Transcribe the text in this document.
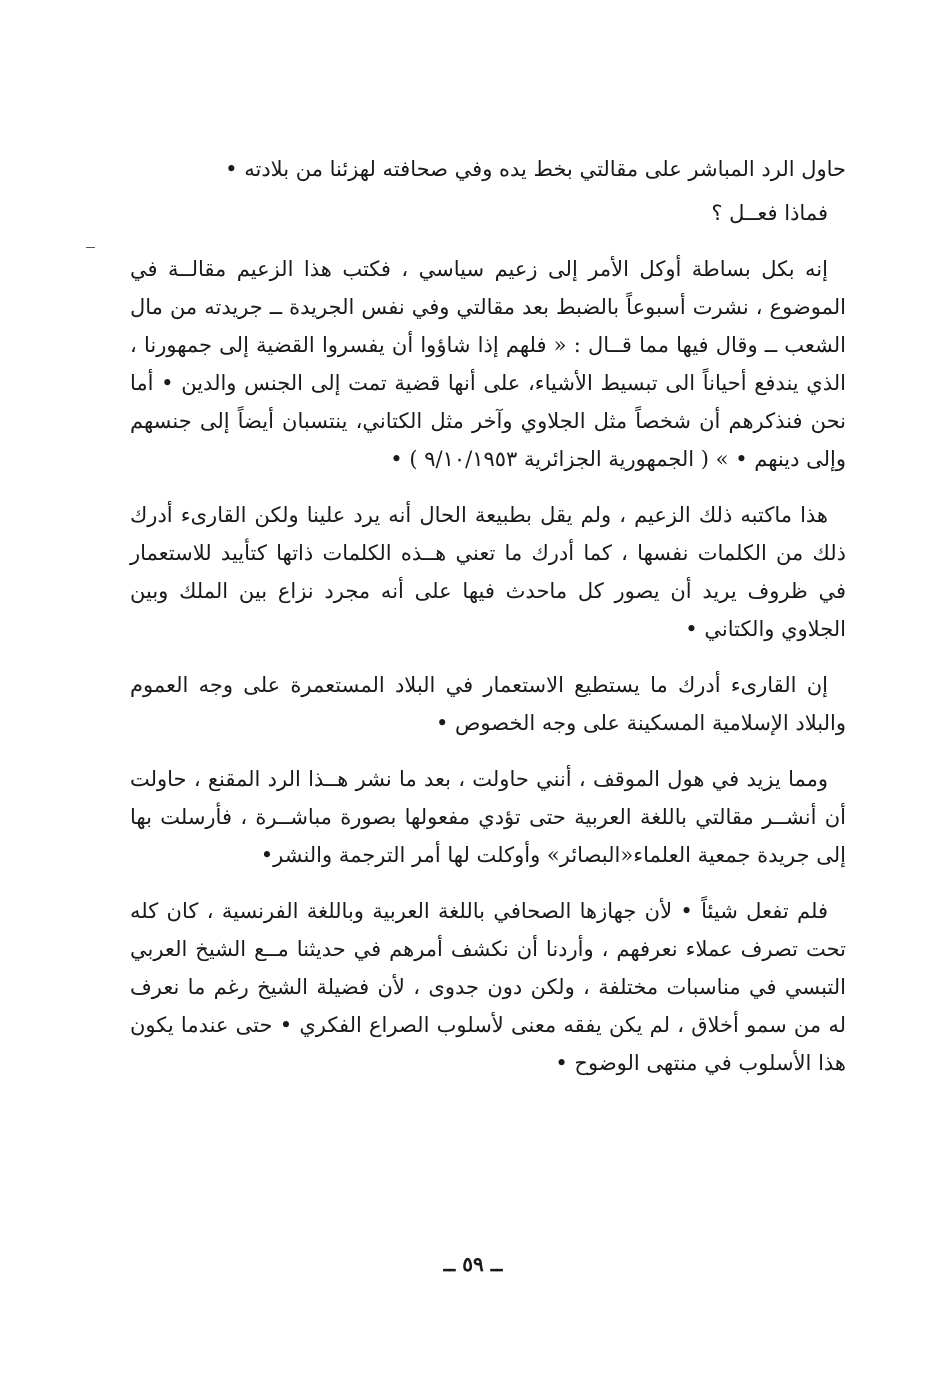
حاول الرد المباشر على مقالتي بخط يده وفي صحافته لهزئنا من بلادته •

فماذا فعــل ؟

إنه بكل بساطة أوكل الأمر إلى زعيم سياسي ، فكتب هذا الزعيم مقالــة في الموضوع ، نشرت أسبوعاً بالضبط بعد مقالتي وفي نفس الجريدة ــ جريدته من مال الشعب ــ وقال فيها مما قــال : « فلهم إذا شاؤوا أن يفسروا القضية إلى جمهورنا ، الذي يندفع أحياناً الى تبسيط الأشياء، على أنها قضية تمت إلى الجنس والدين • أما نحن فنذكرهم أن شخصاً مثل الجلاوي وآخر مثل الكتاني، ينتسبان أيضاً إلى جنسهم وإلى دينهم • » ( الجمهورية الجزائرية ٩/١٠/١٩٥٣ ) •

هذا ماكتبه ذلك الزعيم ، ولم يقل بطبيعة الحال أنه يرد علينا ولكن القارىء أدرك ذلك من الكلمات نفسها ، كما أدرك ما تعني هــذه الكلمات ذاتها كتأييد للاستعمار في ظروف يريد أن يصور كل ماحدث فيها على أنه مجرد نزاع بين الملك وبين الجلاوي والكتاني •

إن القارىء أدرك ما يستطيع الاستعمار في البلاد المستعمرة على وجه العموم والبلاد الإسلامية المسكينة على وجه الخصوص •

ومما يزيد في هول الموقف ، أنني حاولت ، بعد ما نشر هــذا الرد المقنع ، حاولت أن أنشــر مقالتي باللغة العربية حتى تؤدي مفعولها بصورة مباشــرة ، فأرسلت بها إلى جريدة جمعية العلماء«البصائر» وأوكلت لها أمر الترجمة والنشر•

فلم تفعل شيئاً • لأن جهازها الصحافي باللغة العربية وباللغة الفرنسية ، كان كله تحت تصرف عملاء نعرفهم ، وأردنا أن نكشف أمرهم في حديثنا مــع الشيخ العربي التبسي في مناسبات مختلفة ، ولكن دون جدوى ، لأن فضيلة الشيخ رغم ما نعرف له من سمو أخلاق ، لم يكن يفقه معنى لأسلوب الصراع الفكري • حتى عندما يكون هذا الأسلوب في منتهى الوضوح •

ــ ٥٩ ــ
